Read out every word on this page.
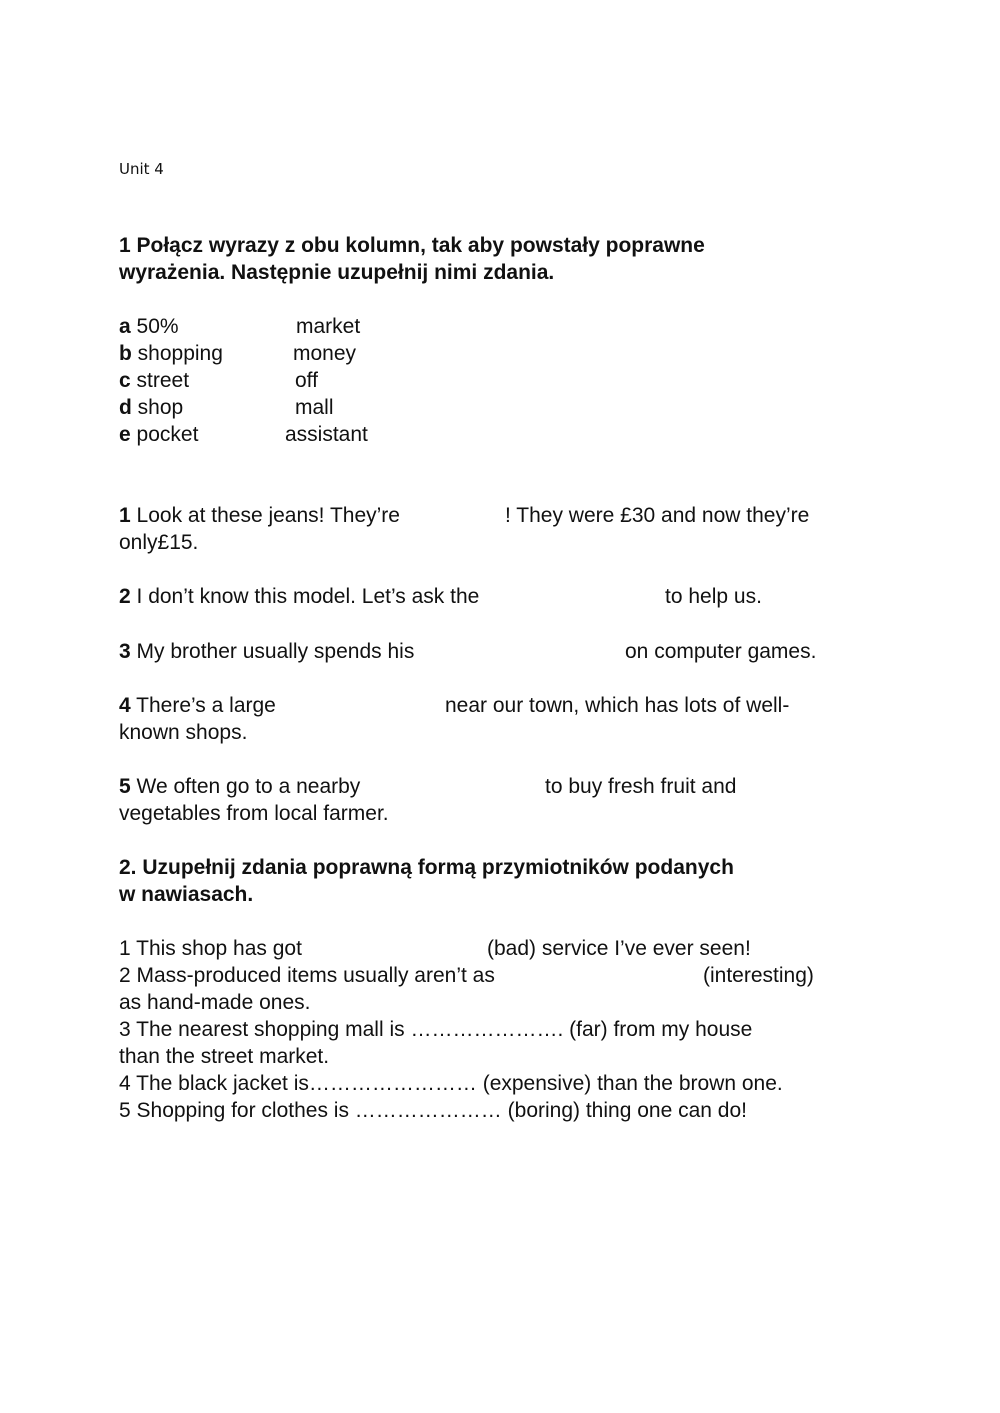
Unit 4
1 Połącz wyrazy z obu kolumn, tak aby powstały poprawne
wyrażenia. Następnie uzupełnij nimi zdania.
a 50%	market
b shopping	money
c street	off
d shop	mall
e pocket	assistant
1 Look at these jeans! They’re	! They were £30 and now they’re
only£15.
2 I don’t know this model. Let’s ask the	to help us.
3 My brother usually spends his	on computer games.
4 There’s a large	near our town, which has lots of well-
known shops.
5 We often go to a nearby	to buy fresh fruit and
vegetables from local farmer.
2. Uzupełnij zdania poprawną formą przymiotników podanych
w nawiasach.
1 This shop has got	(bad) service I’ve ever seen!
2 Mass-produced items usually aren’t as	(interesting)
as hand-made ones.
3 The nearest shopping mall is …………………. (far) from my house
than the street market.
4 The black jacket is…………………… (expensive) than the brown one.
5 Shopping for clothes is ………………… (boring) thing one can do!
